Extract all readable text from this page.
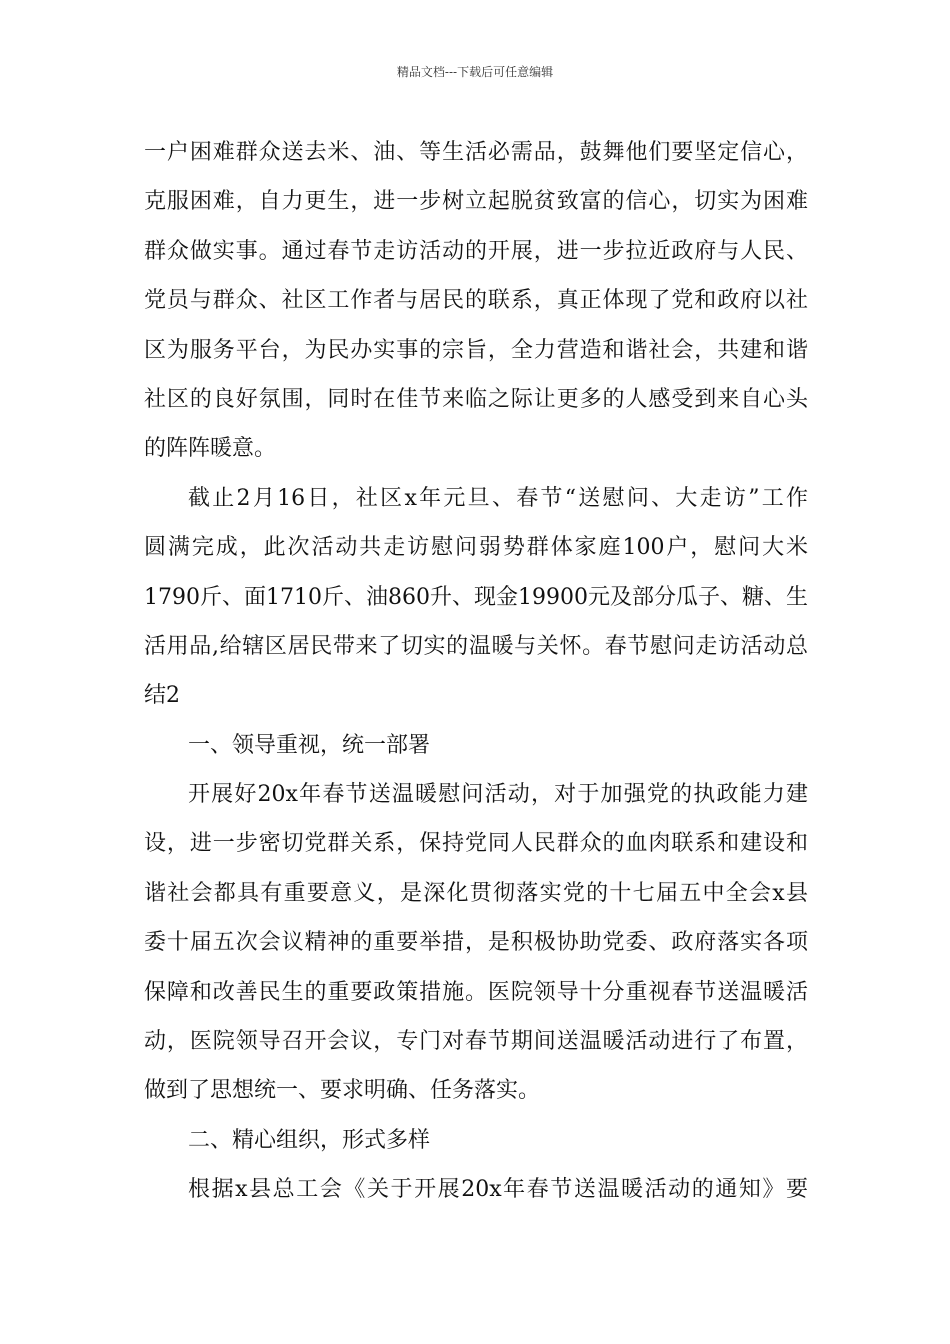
精品文档---下载后可任意编辑
一户困难群众送去米、油、等生活必需品，鼓舞他们要坚定信心，
克服困难，自力更生，进一步树立起脱贫致富的信心，切实为困难
群众做实事。通过春节走访活动的开展，进一步拉近政府与人民、
党员与群众、社区工作者与居民的联系，真正体现了党和政府以社
区为服务平台，为民办实事的宗旨，全力营造和谐社会，共建和谐
社区的良好氛围，同时在佳节来临之际让更多的人感受到来自心头
的阵阵暖意。
截止2月16日，社区x年元旦、春节“送慰问、大走访”工作
圆满完成，此次活动共走访慰问弱势群体家庭100户，慰问大米
1790斤、面1710斤、油860升、现金19900元及部分瓜子、糖、生
活用品,给辖区居民带来了切实的温暖与关怀。春节慰问走访活动总
结2
一、领导重视，统一部署
开展好20x年春节送温暖慰问活动，对于加强党的执政能力建
设，进一步密切党群关系，保持党同人民群众的血肉联系和建设和
谐社会都具有重要意义，是深化贯彻落实党的十七届五中全会x县
委十届五次会议精神的重要举措，是积极协助党委、政府落实各项
保障和改善民生的重要政策措施。医院领导十分重视春节送温暖活
动，医院领导召开会议，专门对春节期间送温暖活动进行了布置，
做到了思想统一、要求明确、任务落实。
二、精心组织，形式多样
根据x县总工会《关于开展20x年春节送温暖活动的通知》要
